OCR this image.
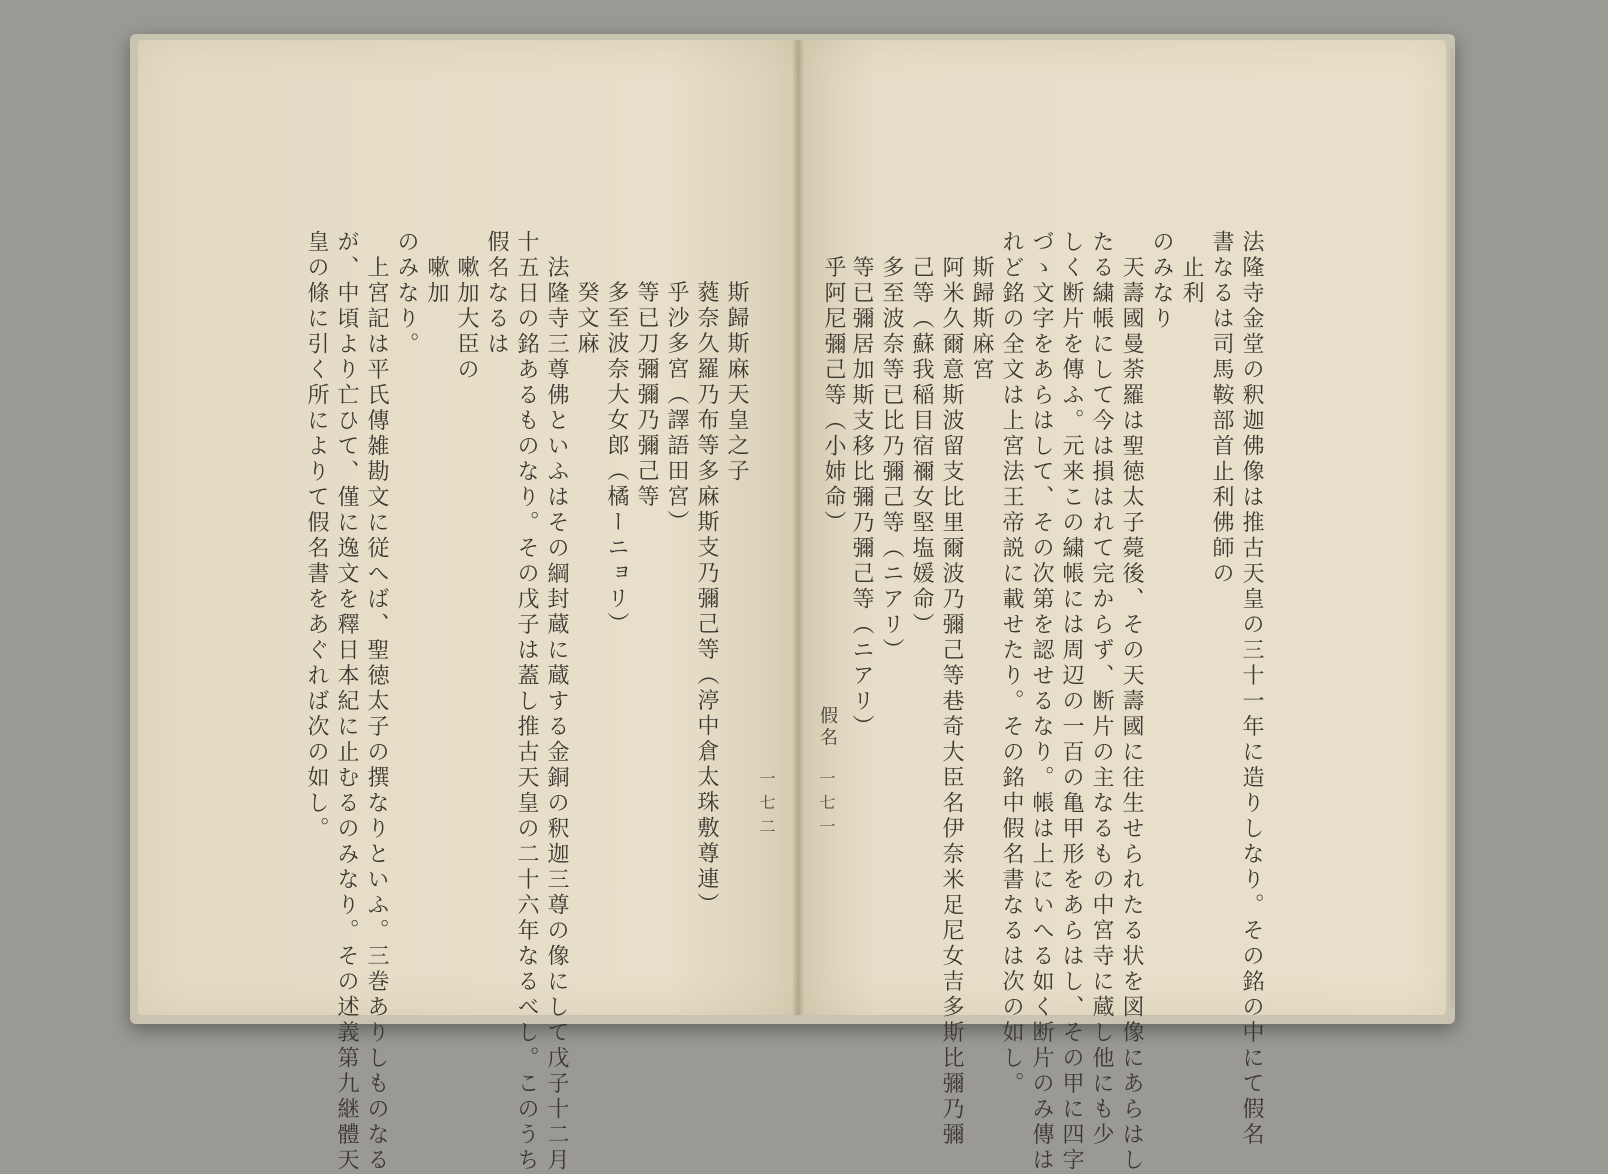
法隆寺金堂の釈迦佛像は推古天皇の三十一年に造りしなり。その銘の中にて假名
書なるは司馬鞍部首止利佛師の
　止利
のみなり
　天壽國曼荼羅は聖徳太子薨後、その天壽國に往生せられたる状を図像にあらはし
たる繍帳にして今は損はれて完からず、断片の主なるもの中宮寺に蔵し他にも少
しく断片を傳ふ。元来この繍帳には周辺の一百の亀甲形をあらはし、その甲に四字
づゝ文字をあらはして、その次第を認せるなり。帳は上にいへる如く断片のみ傳は
れど銘の全文は上宮法王帝説に載せたり。その銘中假名書なるは次の如し。
　斯歸斯麻宮
　阿米久爾意斯波留支比里爾波乃彌己等巷奇大臣名伊奈米足尼女吉多斯比彌乃彌
　己等（蘇我稲目宿禰女堅塩媛命）
　多至波奈等已比乃彌己等（ニアリ）
　等已彌居加斯支移比彌乃彌己等（ニアリ）
　乎阿尼彌己等（小姉命）
假名
一七一
　斯歸斯麻天皇之子
　蕤奈久羅乃布等多麻斯支乃彌己等（渟中倉太珠敷尊連）
　乎沙多宮（譯語田宮）
　等已刀彌彌乃彌己等
　多至波奈大女郎（橘ーニョリ）
　癸文麻
　法隆寺三尊佛といふはその綱封蔵に蔵する金銅の釈迦三尊の像にして戊子十二月
十五日の銘あるものなり。その戊子は蓋し推古天皇の二十六年なるべし。このうち
假名なるは
　嗽加大臣の
　嗽加
のみなり。
　上宮記は平氏傳雑勘文に従へば、聖徳太子の撰なりといふ。三巻ありしものなる
が、中頃より亡ひて、僅に逸文を釋日本紀に止むるのみなり。その述義第九継體天
皇の條に引く所によりて假名書をあぐれば次の如し。	一七二
